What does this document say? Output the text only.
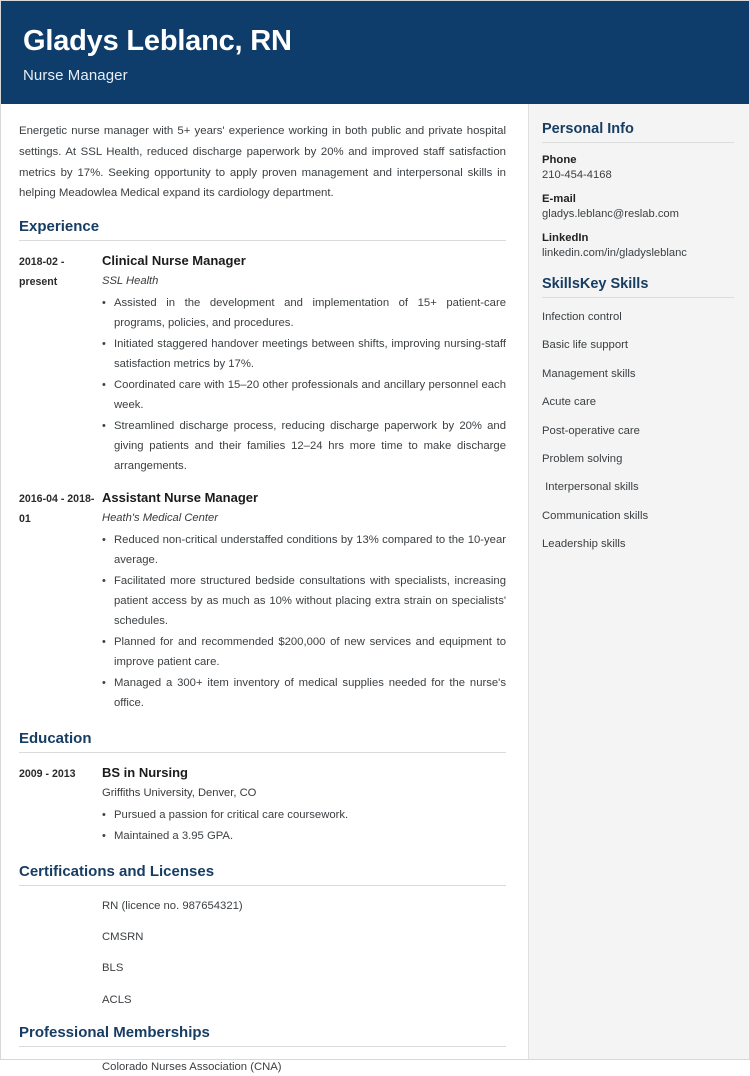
Gladys Leblanc, RN
Nurse Manager
Energetic nurse manager with 5+ years' experience working in both public and private hospital settings. At SSL Health, reduced discharge paperwork by 20% and improved staff satisfaction metrics by 17%. Seeking opportunity to apply proven management and interpersonal skills in helping Meadowlea Medical expand its cardiology department.
Experience
2018-02 - present
Clinical Nurse Manager
SSL Health
• Assisted in the development and implementation of 15+ patient-care programs, policies, and procedures.
• Initiated staggered handover meetings between shifts, improving nursing-staff satisfaction metrics by 17%.
• Coordinated care with 15–20 other professionals and ancillary personnel each week.
• Streamlined discharge process, reducing discharge paperwork by 20% and giving patients and their families 12–24 hrs more time to make discharge arrangements.
2016-04 - 2018-01
Assistant Nurse Manager
Heath's Medical Center
• Reduced non-critical understaffed conditions by 13% compared to the 10-year average.
• Facilitated more structured bedside consultations with specialists, increasing patient access by as much as 10% without placing extra strain on specialists' schedules.
• Planned for and recommended $200,000 of new services and equipment to improve patient care.
• Managed a 300+ item inventory of medical supplies needed for the nurse's office.
Education
2009 - 2013	BS in Nursing
Griffiths University, Denver, CO
• Pursued a passion for critical care coursework.
• Maintained a 3.95 GPA.
Certifications and Licenses
RN (licence no. 987654321)
CMSRN
BLS
ACLS
Professional Memberships
Colorado Nurses Association (CNA)
Personal Info
Phone
210-454-4168
E-mail
gladys.leblanc@reslab.com
LinkedIn
linkedin.com/in/gladysleblanc
SkillsKey Skills
Infection control
Basic life support
Management skills
Acute care
Post-operative care
Problem solving
Interpersonal skills
Communication skills
Leadership skills
